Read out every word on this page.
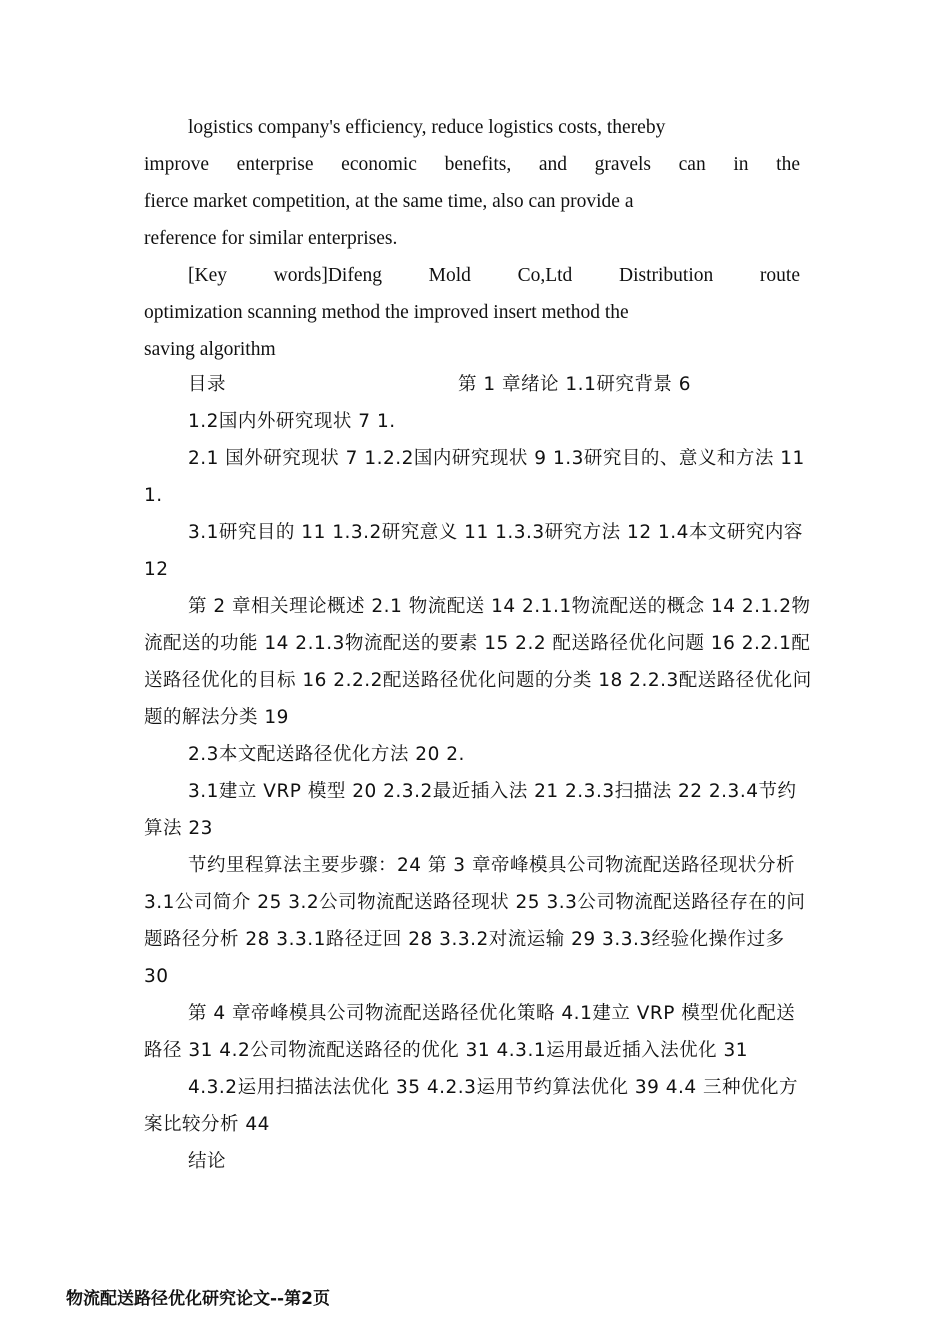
logistics company's efficiency, reduce logistics costs, thereby

improve enterprise economic benefits, and gravels can in the

fierce market competition, at the same time, also can provide a

reference for similar enterprises.

[Key words]Difeng Mold Co,Ltd Distribution route

optimization scanning method the improved insert method the

saving algorithm

目录	第 1 章绪论 1.1研究背景 6

1.2国内外研究现状 7 1.

2.1 国外研究现状 7 1.2.2国内研究现状 9 1.3研究目的、意义和方法 11 1.

3.1研究目的 11 1.3.2研究意义 11 1.3.3研究方法 12 1.4本文研究内容 12

第 2 章相关理论概述 2.1 物流配送 14 2.1.1物流配送的概念 14 2.1.2物流配送的功能 14 2.1.3物流配送的要素 15 2.2 配送路径优化问题 16 2.2.1配送路径优化的目标 16 2.2.2配送路径优化问题的分类 18 2.2.3配送路径优化问题的解法分类 19

2.3本文配送路径优化方法 20 2.

3.1建立 VRP 模型 20 2.3.2最近插入法 21 2.3.3扫描法 22 2.3.4节约算法 23

节约里程算法主要步骤：24 第 3 章帝峰模具公司物流配送路径现状分析 3.1公司简介 25 3.2公司物流配送路径现状 25 3.3公司物流配送路径存在的问题路径分析 28 3.3.1路径迂回 28 3.3.2对流运输 29 3.3.3经验化操作过多 30

第 4 章帝峰模具公司物流配送路径优化策略 4.1建立 VRP 模型优化配送路径 31 4.2公司物流配送路径的优化 31 4.3.1运用最近插入法优化 31

4.3.2运用扫描法法优化 35 4.2.3运用节约算法优化 39 4.4 三种优化方案比较分析 44

结论

物流配送路径优化研究论文--第2页
